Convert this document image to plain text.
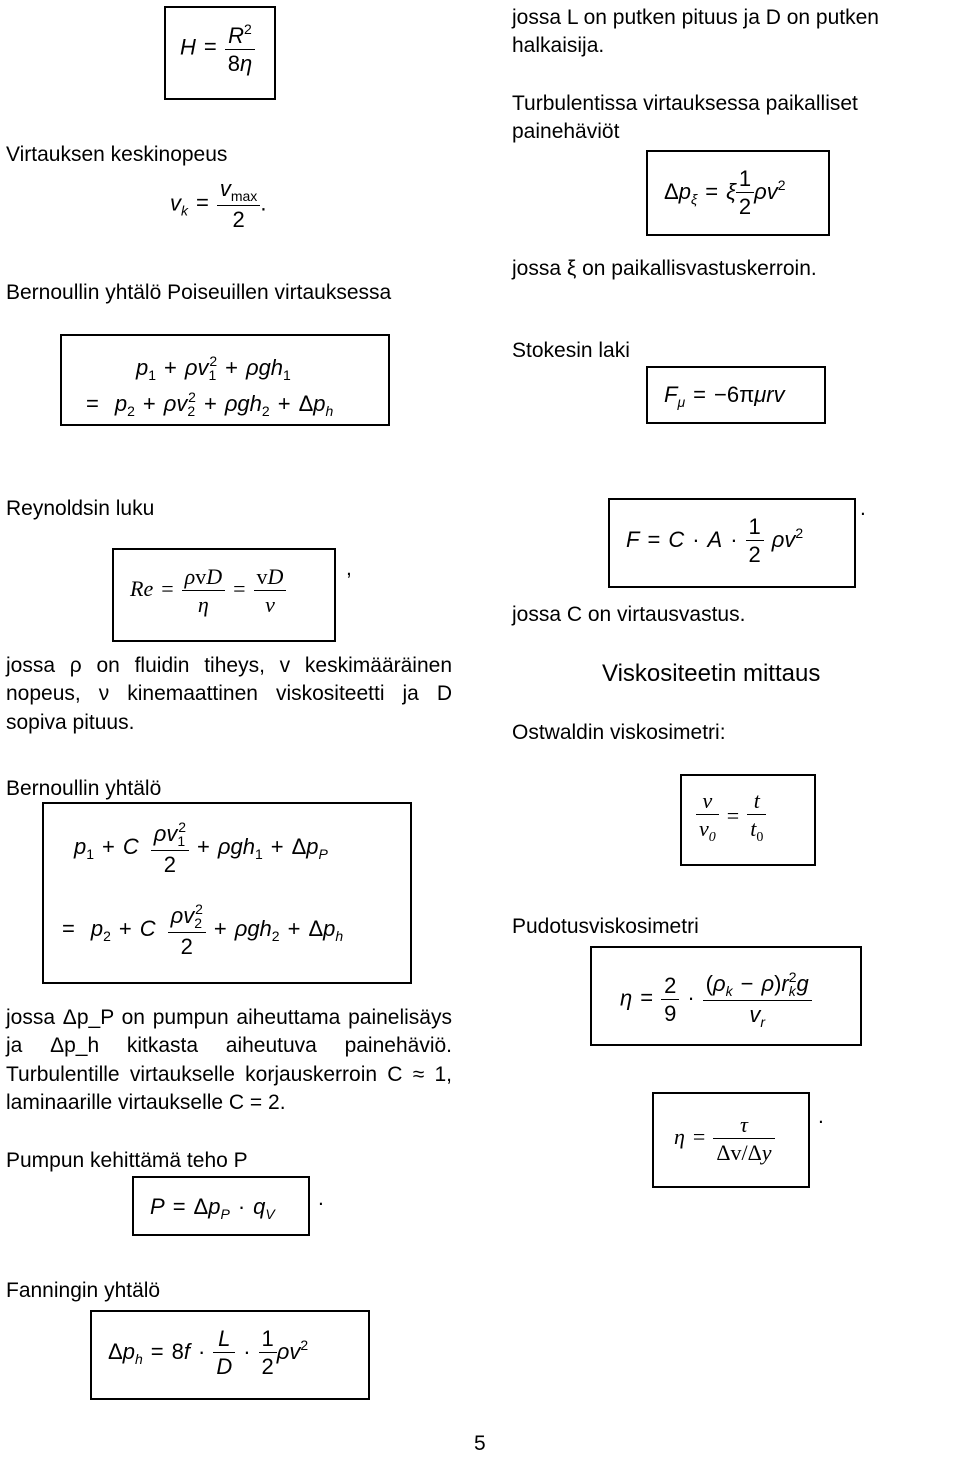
$H = \frac{R^2}{8\eta}$
Virtauksen keskinopeus
$v_k = \frac{v_{max}}{2}$ .
Bernoullin yhtälö Poiseuillen virtauksessa
$p_1 + \rho v_1^2 + \rho gh_1$
= $p_2 + \rho v_2^2 + \rho gh_2 + \Delta p_h$
Reynoldsin luku
$Re = \frac{\text{ρvD}}{\eta} = \frac{vD}{\nu}$	,
jossa ρ on fluidin tiheys, v keskimääräinen nopeus, ν kinemaattinen viskositeetti ja D sopiva pituus.
Bernoullin yhtälö
$p_1 + C \frac{\rho v_1^2}{2} + \rho gh_1 + \Delta p_P$
= $p_2 + C \frac{\rho v_2^2}{2} + \rho gh_2 + \Delta p_h$
jossa Δp_P on pumpun aiheuttama painelisäys ja Δp_h kitkasta aiheutuva painehäviö. Turbulentille virtaukselle korjauskerroin C ≈ 1, laminaarille virtaukselle C = 2.
Pumpun kehittämä teho P
$P = \Delta p_P \cdot q_V$
.
Fanningin yhtälö
$\Delta p_h = 8f \cdot \frac{L}{D} \cdot \frac{1}{2} \rho v^2$
jossa L on putken pituus ja D on putken halkaisija.
Turbulentissa virtauksessa paikalliset painehäviöt
$\Delta p_\xi = \xi \frac{1}{2} \rho v^2$
jossa ξ on paikallisvastuskerroin.
Stokesin laki
$F_\mu = -6\pi\mu rv$
$F = C \cdot A \cdot \frac{1}{2} \rho v^2$
.
jossa C on virtausvastus.
Viskositeetin mittaus
Ostwaldin viskosimetri:
$\frac{\nu}{\nu_0} = \frac{t}{t_0}$
Pudotusviskosimetri
$\eta = \frac{2}{9} \cdot \frac{(\rho_k - \rho)r_k^2g}{v_r}$
$\eta = \frac{\tau}{\Delta v/\Delta y}$ .
5
